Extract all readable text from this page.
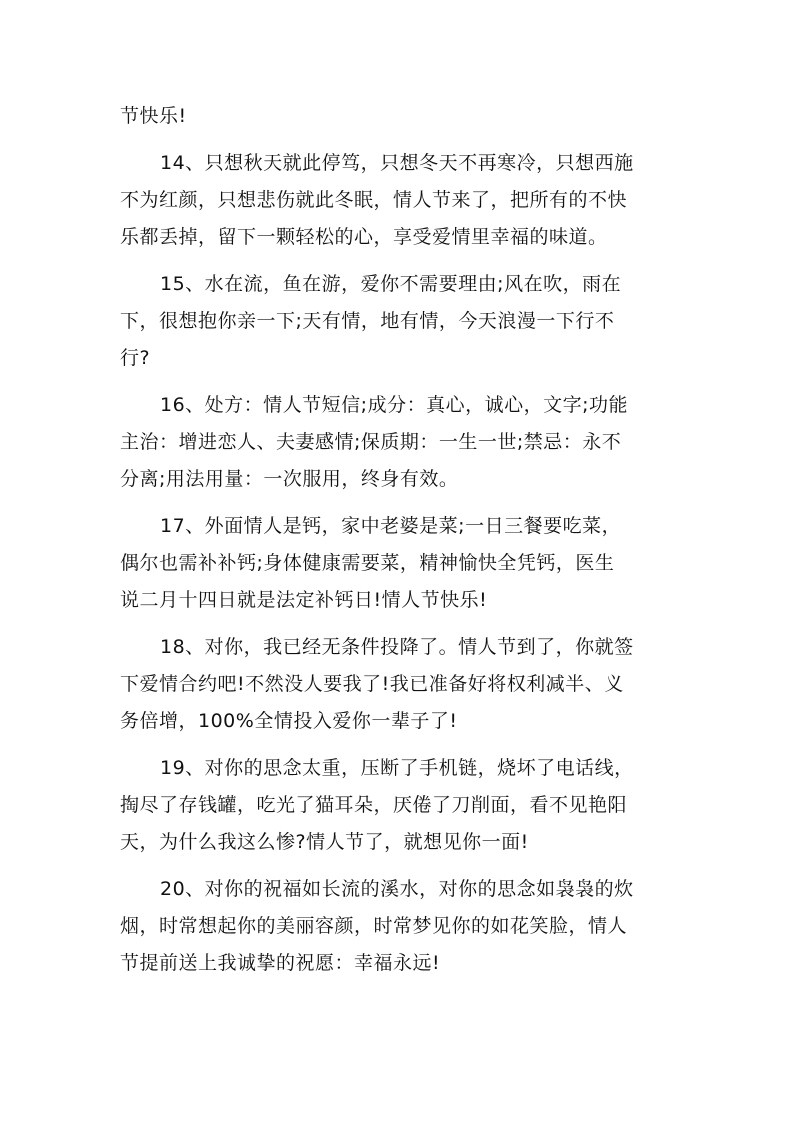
节快乐!
14、只想秋天就此停笃，只想冬天不再寒冷，只想西施
不为红颜，只想悲伤就此冬眠，情人节来了，把所有的不快
乐都丢掉，留下一颗轻松的心，享受爱情里幸福的味道。
15、水在流，鱼在游，爱你不需要理由;风在吹，雨在
下，很想抱你亲一下;天有情，地有情，今天浪漫一下行不
行?
16、处方：情人节短信;成分：真心，诚心，文字;功能
主治：增进恋人、夫妻感情;保质期：一生一世;禁忌：永不
分离;用法用量：一次服用，终身有效。
17、外面情人是钙，家中老婆是菜;一日三餐要吃菜，
偶尔也需补补钙;身体健康需要菜，精神愉快全凭钙，医生
说二月十四日就是法定补钙日!情人节快乐!
18、对你，我已经无条件投降了。情人节到了，你就签
下爱情合约吧!不然没人要我了!我已准备好将权利减半、义
务倍增，100%全情投入爱你一辈子了!
19、对你的思念太重，压断了手机链，烧坏了电话线，
掏尽了存钱罐，吃光了猫耳朵，厌倦了刀削面，看不见艳阳
天，为什么我这么惨?情人节了，就想见你一面!
20、对你的祝福如长流的溪水，对你的思念如袅袅的炊
烟，时常想起你的美丽容颜，时常梦见你的如花笑脸，情人
节提前送上我诚挚的祝愿：幸福永远!
